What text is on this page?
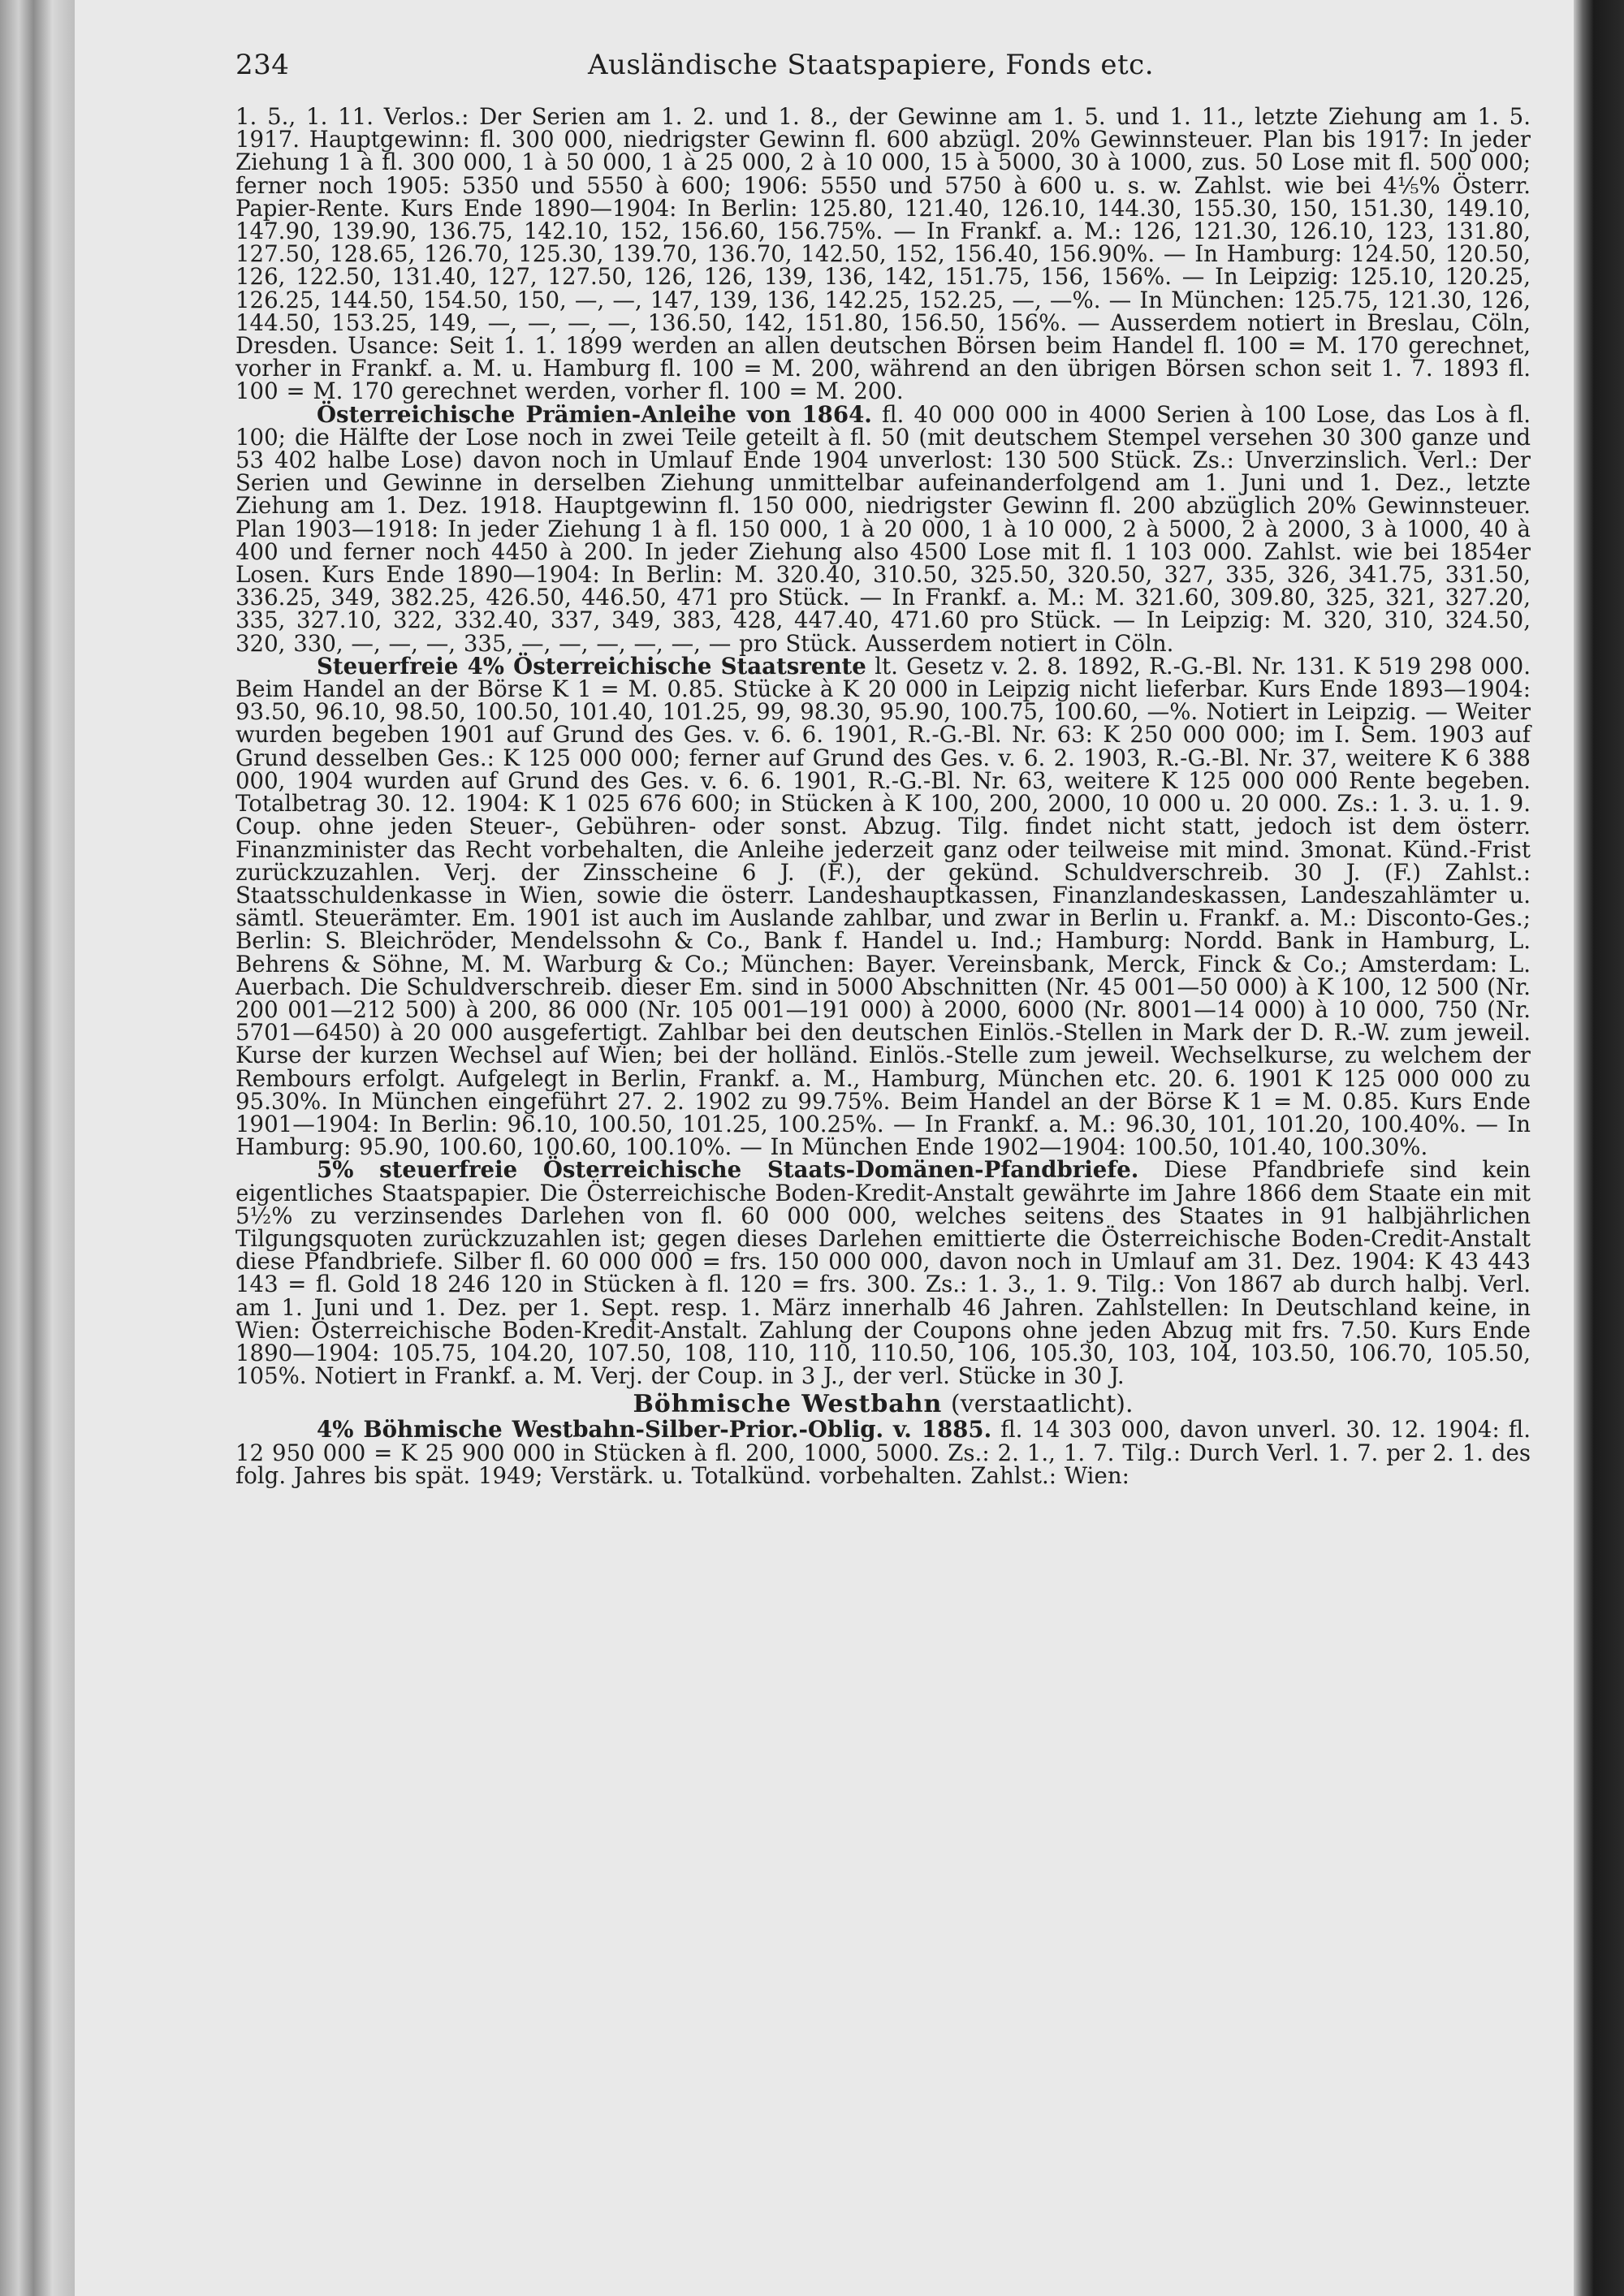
234	Ausländische Staatspapiere, Fonds etc.

1. 5., 1. 11. Verlos.: Der Serien am 1. 2. und 1. 8., der Gewinne am 1. 5. und 1. 11., letzte Ziehung am 1. 5. 1917. Hauptgewinn: fl. 300 000, niedrigster Gewinn fl. 600 abzügl. 20% Gewinnsteuer. Plan bis 1917: In jeder Ziehung 1 à fl. 300 000, 1 à 50 000, 1 à 25 000, 2 à 10 000, 15 à 5000, 30 à 1000, zus. 50 Lose mit fl. 500 000; ferner noch 1905: 5350 und 5550 à 600; 1906: 5550 und 5750 à 600 u. s. w. Zahlst. wie bei 4⅕% Österr. Papier-Rente. Kurs Ende 1890—1904: In Berlin: 125.80, 121.40, 126.10, 144.30, 155.30, 150, 151.30, 149.10, 147.90, 139.90, 136.75, 142.10, 152, 156.60, 156.75%. — In Frankf. a. M.: 126, 121.30, 126.10, 123, 131.80, 127.50, 128.65, 126.70, 125.30, 139.70, 136.70, 142.50, 152, 156.40, 156.90%. — In Hamburg: 124.50, 120.50, 126, 122.50, 131.40, 127, 127.50, 126, 126, 139, 136, 142, 151.75, 156, 156%. — In Leipzig: 125.10, 120.25, 126.25, 144.50, 154.50, 150, —, —, 147, 139, 136, 142.25, 152.25, —, —%. — In München: 125.75, 121.30, 126, 144.50, 153.25, 149, —, —, —, —, 136.50, 142, 151.80, 156.50, 156%. — Ausserdem notiert in Breslau, Cöln, Dresden. Usance: Seit 1. 1. 1899 werden an allen deutschen Börsen beim Handel fl. 100 = M. 170 gerechnet, vorher in Frankf. a. M. u. Hamburg fl. 100 = M. 200, während an den übrigen Börsen schon seit 1. 7. 1893 fl. 100 = M. 170 gerechnet werden, vorher fl. 100 = M. 200.

Österreichische Prämien-Anleihe von 1864. fl. 40 000 000 in 4000 Serien à 100 Lose, das Los à fl. 100; die Hälfte der Lose noch in zwei Teile geteilt à fl. 50 (mit deutschem Stempel versehen 30 300 ganze und 53 402 halbe Lose) davon noch in Umlauf Ende 1904 unverlost: 130 500 Stück. Zs.: Unverzinslich. Verl.: Der Serien und Gewinne in derselben Ziehung unmittelbar aufeinanderfolgend am 1. Juni und 1. Dez., letzte Ziehung am 1. Dez. 1918. Hauptgewinn fl. 150 000, niedrigster Gewinn fl. 200 abzüglich 20% Gewinnsteuer. Plan 1903—1918: In jeder Ziehung 1 à fl. 150 000, 1 à 20 000, 1 à 10 000, 2 à 5000, 2 à 2000, 3 à 1000, 40 à 400 und ferner noch 4450 à 200. In jeder Ziehung also 4500 Lose mit fl. 1 103 000. Zahlst. wie bei 1854er Losen. Kurs Ende 1890—1904: In Berlin: M. 320.40, 310.50, 325.50, 320.50, 327, 335, 326, 341.75, 331.50, 336.25, 349, 382.25, 426.50, 446.50, 471 pro Stück. — In Frankf. a. M.: M. 321.60, 309.80, 325, 321, 327.20, 335, 327.10, 322, 332.40, 337, 349, 383, 428, 447.40, 471.60 pro Stück. — In Leipzig: M. 320, 310, 324.50, 320, 330, —, —, —, 335, —, —, —, —, —, — pro Stück. Ausserdem notiert in Cöln.

Steuerfreie 4% Österreichische Staatsrente lt. Gesetz v. 2. 8. 1892, R.-G.-Bl. Nr. 131. K 519 298 000. Beim Handel an der Börse K 1 = M. 0.85. Stücke à K 20 000 in Leipzig nicht lieferbar. Kurs Ende 1893—1904: 93.50, 96.10, 98.50, 100.50, 101.40, 101.25, 99, 98.30, 95.90, 100.75, 100.60, —%. Notiert in Leipzig. — Weiter wurden begeben 1901 auf Grund des Ges. v. 6. 6. 1901, R.-G.-Bl. Nr. 63: K 250 000 000; im I. Sem. 1903 auf Grund desselben Ges.: K 125 000 000; ferner auf Grund des Ges. v. 6. 2. 1903, R.-G.-Bl. Nr. 37, weitere K 6 388 000, 1904 wurden auf Grund des Ges. v. 6. 6. 1901, R.-G.-Bl. Nr. 63, weitere K 125 000 000 Rente begeben. Totalbetrag 30. 12. 1904: K 1 025 676 600; in Stücken à K 100, 200, 2000, 10 000 u. 20 000. Zs.: 1. 3. u. 1. 9. Coup. ohne jeden Steuer-, Gebühren- oder sonst. Abzug. Tilg. findet nicht statt, jedoch ist dem österr. Finanzminister das Recht vorbehalten, die Anleihe jederzeit ganz oder teilweise mit mind. 3monat. Künd.-Frist zurückzuzahlen. Verj. der Zinsscheine 6 J. (F.), der gekünd. Schuldverschreib. 30 J. (F.) Zahlst.: Staatsschuldenkasse in Wien, sowie die österr. Landeshauptkassen, Finanzlandeskassen, Landeszahlämter u. sämtl. Steuerämter. Em. 1901 ist auch im Auslande zahlbar, und zwar in Berlin u. Frankf. a. M.: Disconto-Ges.; Berlin: S. Bleichröder, Mendelssohn & Co., Bank f. Handel u. Ind.; Hamburg: Nordd. Bank in Hamburg, L. Behrens & Söhne, M. M. Warburg & Co.; München: Bayer. Vereinsbank, Merck, Finck & Co.; Amsterdam: L. Auerbach. Die Schuldverschreib. dieser Em. sind in 5000 Abschnitten (Nr. 45 001—50 000) à K 100, 12 500 (Nr. 200 001—212 500) à 200, 86 000 (Nr. 105 001—191 000) à 2000, 6000 (Nr. 8001—14 000) à 10 000, 750 (Nr. 5701—6450) à 20 000 ausgefertigt. Zahlbar bei den deutschen Einlös.-Stellen in Mark der D. R.-W. zum jeweil. Kurse der kurzen Wechsel auf Wien; bei der holländ. Einlös.-Stelle zum jeweil. Wechselkurse, zu welchem der Rembours erfolgt. Aufgelegt in Berlin, Frankf. a. M., Hamburg, München etc. 20. 6. 1901 K 125 000 000 zu 95.30%. In München eingeführt 27. 2. 1902 zu 99.75%. Beim Handel an der Börse K 1 = M. 0.85. Kurs Ende 1901—1904: In Berlin: 96.10, 100.50, 101.25, 100.25%. — In Frankf. a. M.: 96.30, 101, 101.20, 100.40%. — In Hamburg: 95.90, 100.60, 100.60, 100.10%. — In München Ende 1902—1904: 100.50, 101.40, 100.30%.

5% steuerfreie Österreichische Staats-Domänen-Pfandbriefe. Diese Pfandbriefe sind kein eigentliches Staatspapier. Die Österreichische Boden-Kredit-Anstalt gewährte im Jahre 1866 dem Staate ein mit 5½% zu verzinsendes Darlehen von fl. 60 000 000, welches seitens des Staates in 91 halbjährlichen Tilgungsquoten zurückzuzahlen ist; gegen dieses Darlehen emittierte die Österreichische Boden-Credit-Anstalt diese Pfandbriefe. Silber fl. 60 000 000 = frs. 150 000 000, davon noch in Umlauf am 31. Dez. 1904: K 43 443 143 = fl. Gold 18 246 120 in Stücken à fl. 120 = frs. 300. Zs.: 1. 3., 1. 9. Tilg.: Von 1867 ab durch halbj. Verl. am 1. Juni und 1. Dez. per 1. Sept. resp. 1. März innerhalb 46 Jahren. Zahlstellen: In Deutschland keine, in Wien: Österreichische Boden-Kredit-Anstalt. Zahlung der Coupons ohne jeden Abzug mit frs. 7.50. Kurs Ende 1890—1904: 105.75, 104.20, 107.50, 108, 110, 110, 110.50, 106, 105.30, 103, 104, 103.50, 106.70, 105.50, 105%. Notiert in Frankf. a. M. Verj. der Coup. in 3 J., der verl. Stücke in 30 J.

Böhmische Westbahn (verstaatlicht).

4% Böhmische Westbahn-Silber-Prior.-Oblig. v. 1885. fl. 14 303 000, davon unverl. 30. 12. 1904: fl. 12 950 000 = K 25 900 000 in Stücken à fl. 200, 1000, 5000. Zs.: 2. 1., 1. 7. Tilg.: Durch Verl. 1. 7. per 2. 1. des folg. Jahres bis spät. 1949; Verstärk. u. Totalkünd. vorbehalten. Zahlst.: Wien:
